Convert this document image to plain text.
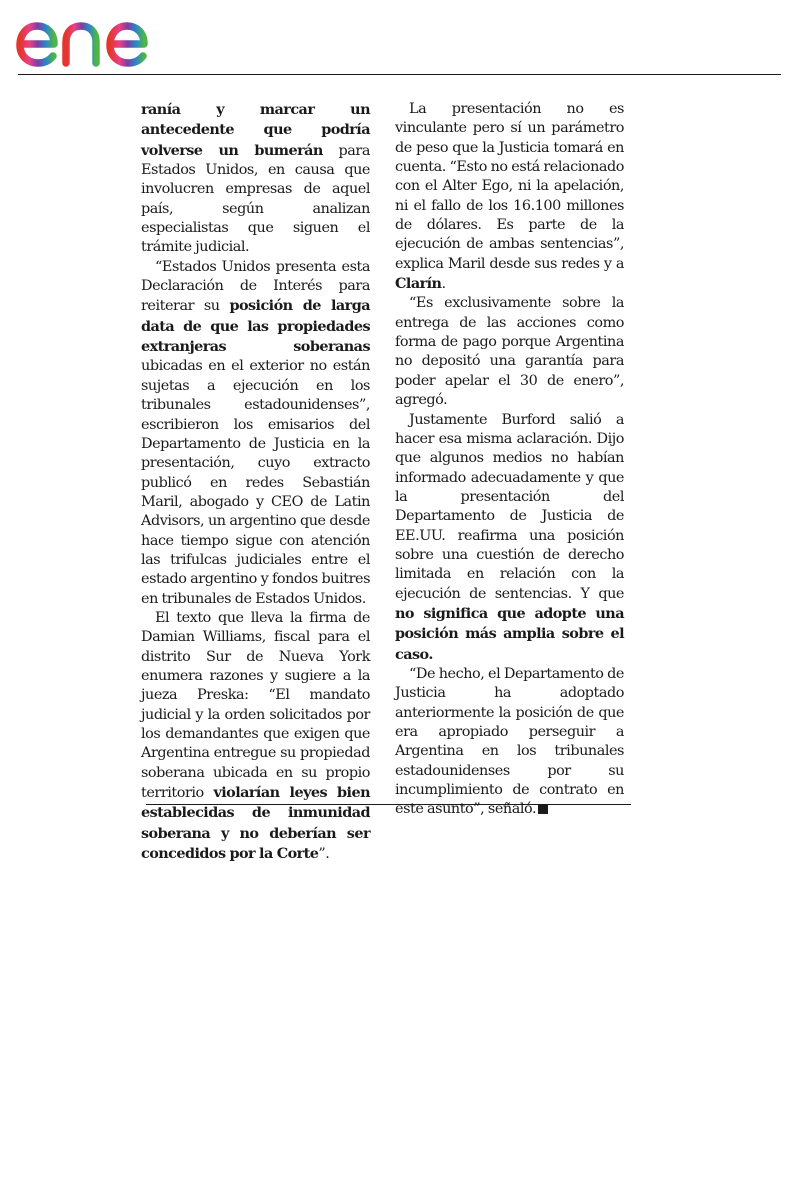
ranía y marcar un antecedente que podría volverse un bumerán para Estados Unidos, en causa que involucren empresas de aquel país, según analizan especialistas que siguen el trámite judicial.

“Estados Unidos presenta esta Declaración de Interés para reiterar su posición de larga data de que las propiedades extranjeras soberanas ubicadas en el exterior no están sujetas a ejecución en los tribunales estadounidenses”, escribieron los emisarios del Departamento de Justicia en la presentación, cuyo extracto publicó en redes Sebastián Maril, abogado y CEO de Latin Advisors, un argentino que desde hace tiempo sigue con atención las trifulcas judiciales entre el estado argentino y fondos buitres en tribunales de Estados Unidos.

El texto que lleva la firma de Damian Williams, fiscal para el distrito Sur de Nueva York enumera razones y sugiere a la jueza Preska: “El mandato judicial y la orden solicitados por los demandantes que exigen que Argentina entregue su propiedad soberana ubicada en su propio territorio violarían leyes bien establecidas de inmunidad soberana y no deberían ser concedidos por la Corte”.

La presentación no es vinculante pero sí un parámetro de peso que la Justicia tomará en cuenta. “Esto no está relacionado con el Alter Ego, ni la apelación, ni el fallo de los 16.100 millones de dólares. Es parte de la ejecución de ambas sentencias”, explica Maril desde sus redes y a Clarín.

“Es exclusivamente sobre la entrega de las acciones como forma de pago porque Argentina no depositó una garantía para poder apelar el 30 de enero”, agregó.

Justamente Burford salió a hacer esa misma aclaración. Dijo que algunos medios no habían informado adecuadamente y que la presentación del Departamento de Justicia de EE.UU. reafirma una posición sobre una cuestión de derecho limitada en relación con la ejecución de sentencias. Y que no significa que adopte una posición más amplia sobre el caso.

“De hecho, el Departamento de Justicia ha adoptado anteriormente la posición de que era apropiado perseguir a Argentina en los tribunales estadounidenses por su incumplimiento de contrato en este asunto”, señaló.
